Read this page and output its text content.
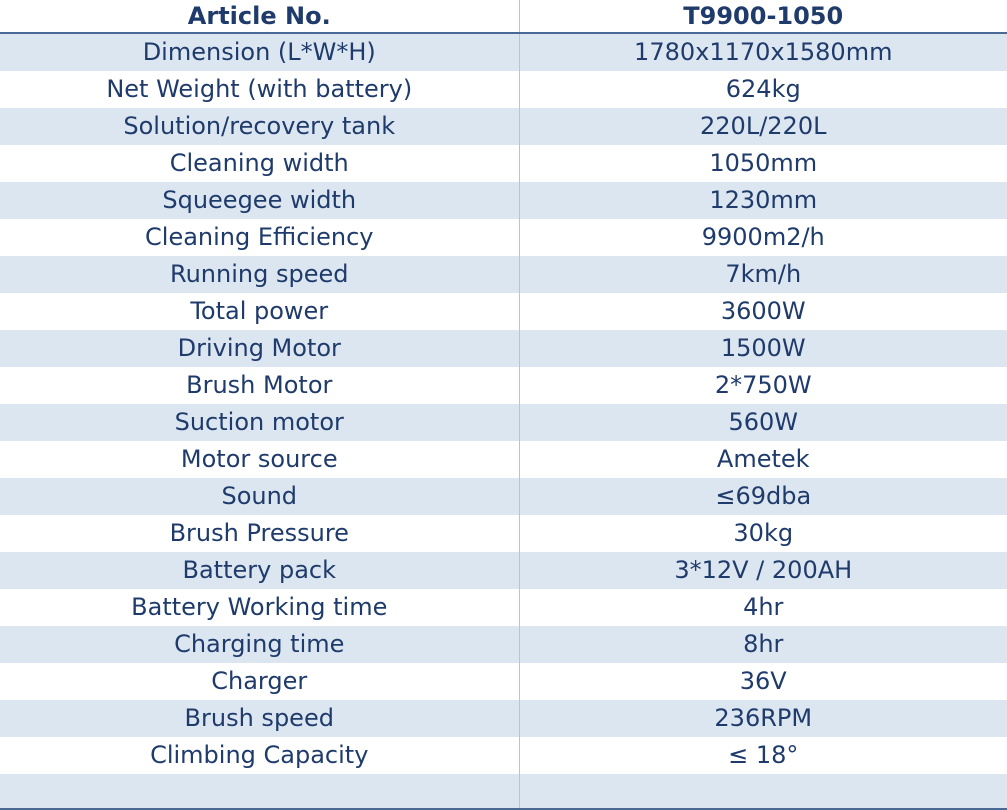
Article No.	T9900-1050
Dimension (L*W*H)	1780x1170x1580mm
Net Weight (with battery)	624kg
Solution/recovery tank	220L/220L
Cleaning width	1050mm
Squeegee width	1230mm
Cleaning Efficiency	9900m2/h
Running speed	7km/h
Total power	3600W
Driving Motor	1500W
Brush Motor	2*750W
Suction motor	560W
Motor source	Ametek
Sound	≤69dba
Brush Pressure	30kg
Battery pack	3*12V / 200AH
Battery Working time	4hr
Charging time	8hr
Charger	36V
Brush speed	236RPM
Climbing Capacity	≤ 18°
